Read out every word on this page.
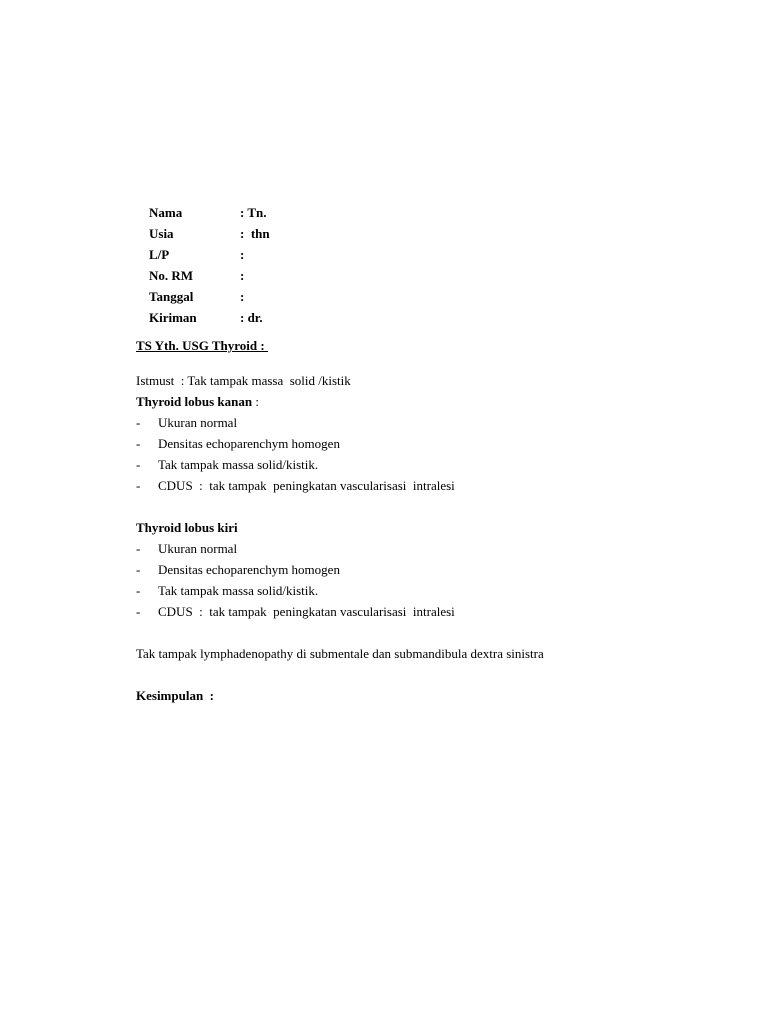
Nama	: Tn.

Usia	:  thn

L/P	:

No. RM	:

Tanggal	:

Kiriman	: dr.

TS Yth. USG Thyroid :
Istmust  : Tak tampak massa  solid /kistik
Thyroid lobus kanan :
- Ukuran normal
- Densitas echoparenchym homogen
- Tak tampak massa solid/kistik.
- CDUS  :  tak tampak  peningkatan vascularisasi  intralesi
Thyroid lobus kiri
- Ukuran normal
- Densitas echoparenchym homogen
- Tak tampak massa solid/kistik.
- CDUS  :  tak tampak  peningkatan vascularisasi  intralesi
Tak tampak lymphadenopathy di submentale dan submandibula dextra sinistra
Kesimpulan  :
